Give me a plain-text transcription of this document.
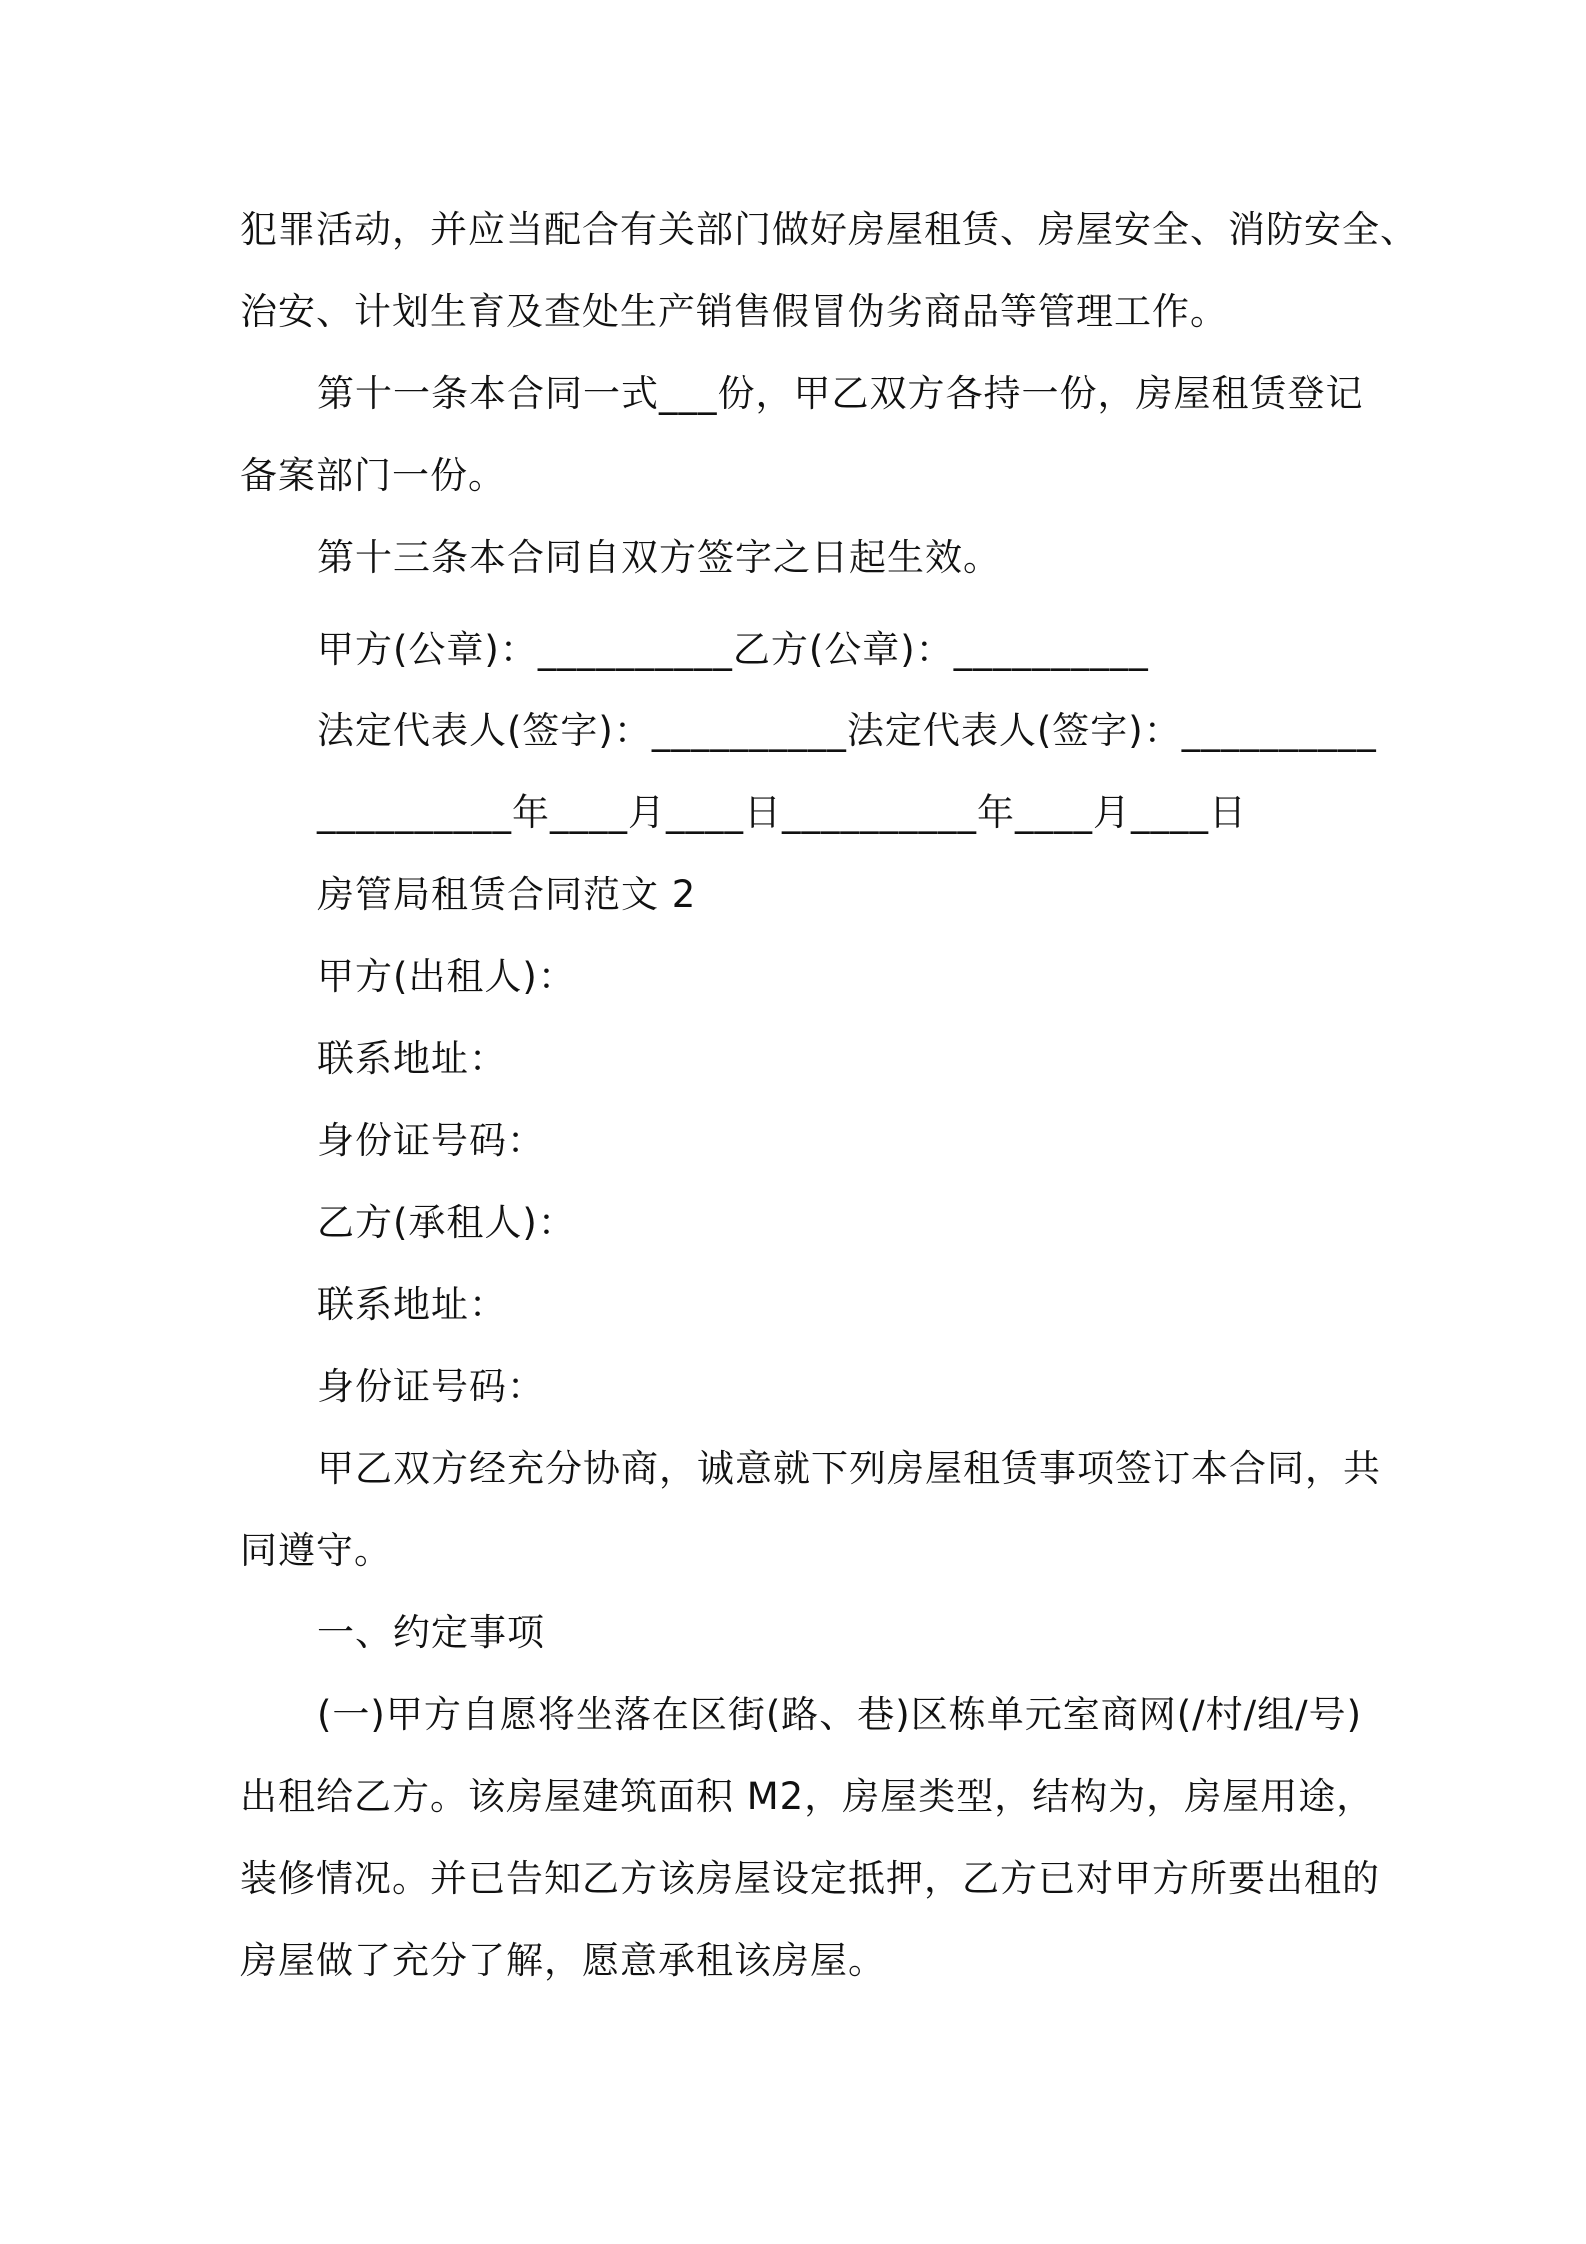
犯罪活动，并应当配合有关部门做好房屋租赁、房屋安全、消防安全、
治安、计划生育及查处生产销售假冒伪劣商品等管理工作。
第十一条本合同一式___份，甲乙双方各持一份，房屋租赁登记
备案部门一份。
第十三条本合同自双方签字之日起生效。
甲方(公章)：__________乙方(公章)：__________
法定代表人(签字)：__________法定代表人(签字)：__________
__________年____月____日__________年____月____日
房管局租赁合同范文 2
甲方(出租人)：
联系地址：
身份证号码：
乙方(承租人)：
联系地址：
身份证号码：
甲乙双方经充分协商，诚意就下列房屋租赁事项签订本合同，共
同遵守。
一、约定事项
(一)甲方自愿将坐落在区街(路、巷)区栋单元室商网(/村/组/号)
出租给乙方。该房屋建筑面积 M2，房屋类型，结构为，房屋用途，
装修情况。并已告知乙方该房屋设定抵押，乙方已对甲方所要出租的
房屋做了充分了解，愿意承租该房屋。
